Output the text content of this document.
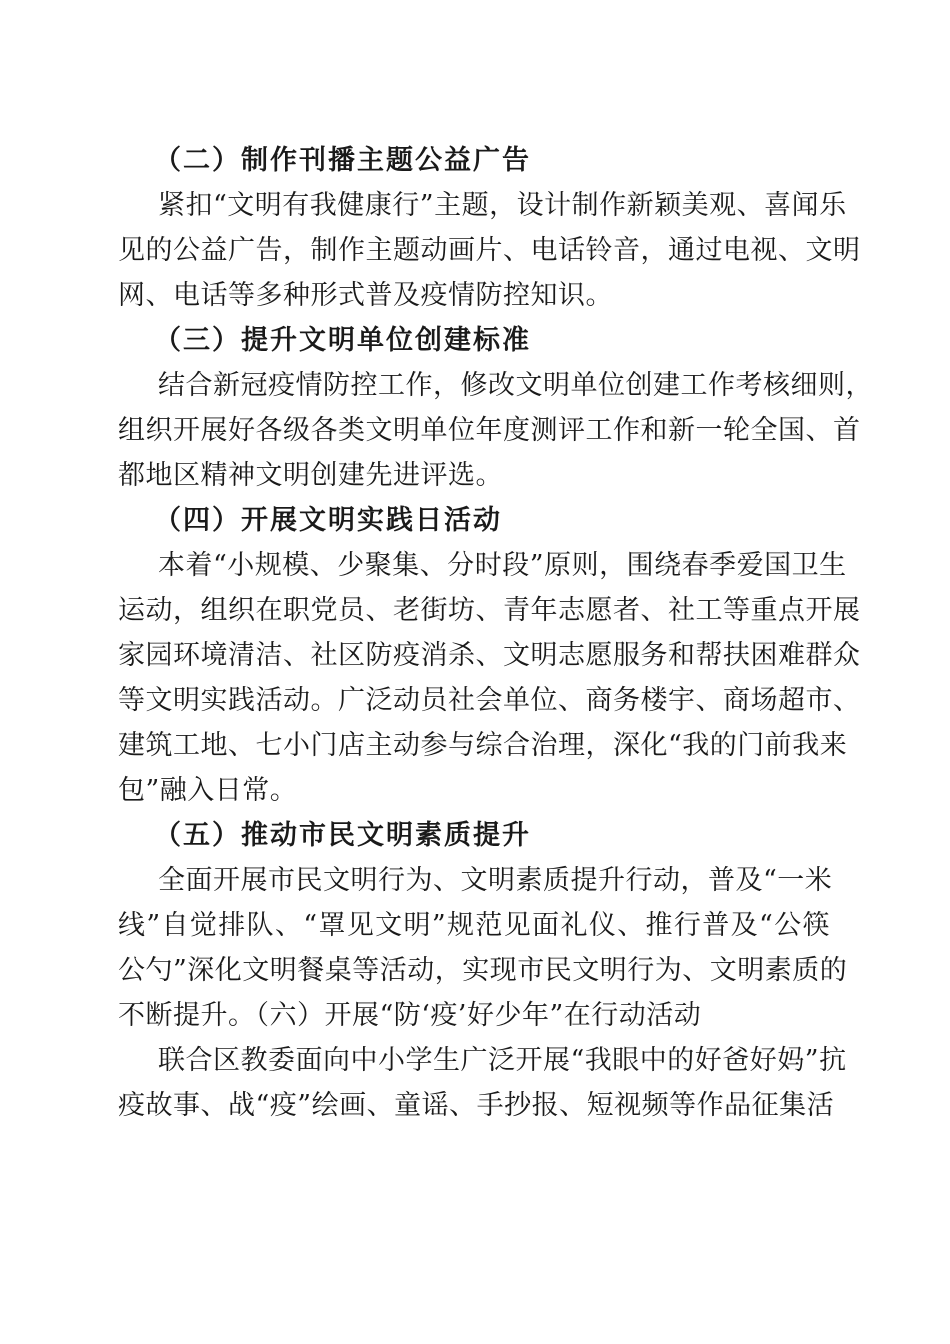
（二）制作刊播主题公益广告
紧扣“文明有我健康行”主题，设计制作新颖美观、喜闻乐
见的公益广告，制作主题动画片、电话铃音，通过电视、文明
网、电话等多种形式普及疫情防控知识。
（三）提升文明单位创建标准
结合新冠疫情防控工作，修改文明单位创建工作考核细则，
组织开展好各级各类文明单位年度测评工作和新一轮全国、首
都地区精神文明创建先进评选。
（四）开展文明实践日活动
本着“小规模、少聚集、分时段”原则，围绕春季爱国卫生
运动，组织在职党员、老街坊、青年志愿者、社工等重点开展
家园环境清洁、社区防疫消杀、文明志愿服务和帮扶困难群众
等文明实践活动。广泛动员社会单位、商务楼宇、商场超市、
建筑工地、七小门店主动参与综合治理，深化“我的门前我来
包”融入日常。
（五）推动市民文明素质提升
全面开展市民文明行为、文明素质提升行动，普及“一米
线”自觉排队、“罩见文明”规范见面礼仪、推行普及“公筷
公勺”深化文明餐桌等活动，实现市民文明行为、文明素质的
不断提升。（六）开展“防‘疫’好少年”在行动活动
联合区教委面向中小学生广泛开展“我眼中的好爸好妈”抗
疫故事、战“疫”绘画、童谣、手抄报、短视频等作品征集活
